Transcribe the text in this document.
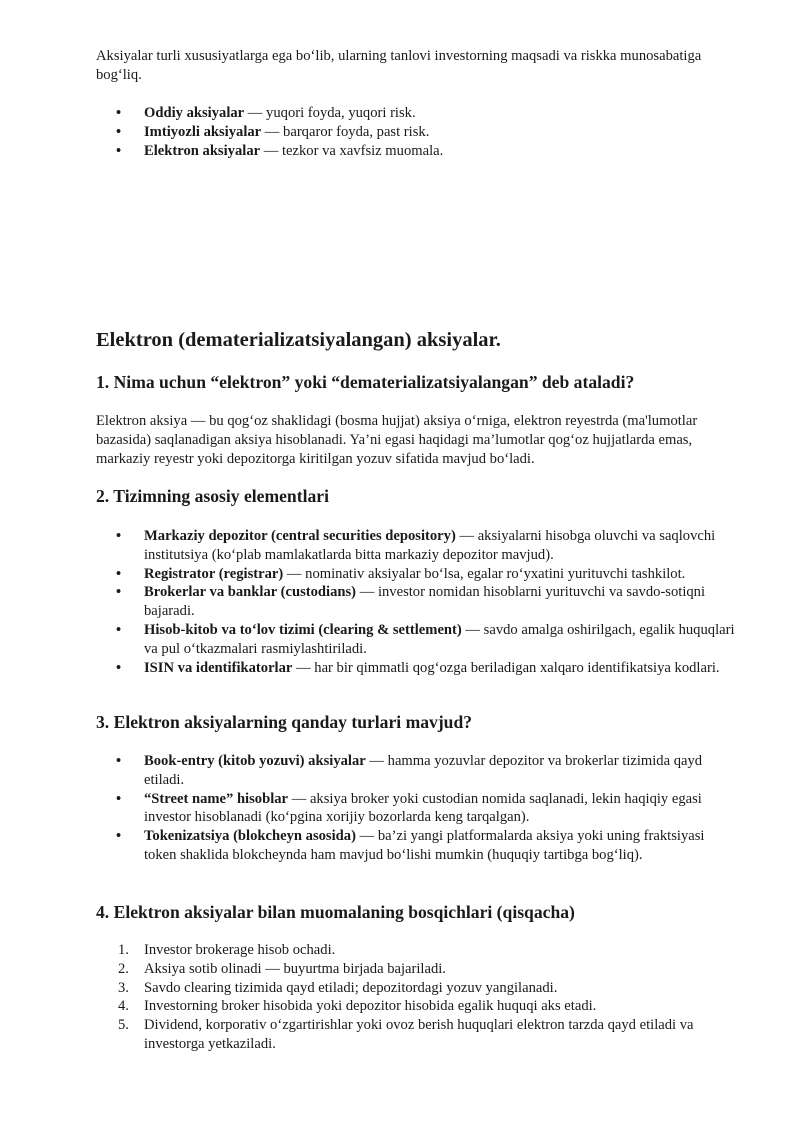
Aksiyalar turli xususiyatlarga ega bo‘lib, ularning tanlovi investorning maqsadi va riskka munosabatiga bog‘liq.

• Oddiy aksiyalar — yuqori foyda, yuqori risk.
• Imtiyozli aksiyalar — barqaror foyda, past risk.
• Elektron aksiyalar — tezkor va xavfsiz muomala.
Elektron (dematerializatsiyalangan) aksiyalar.
1. Nima uchun “elektron” yoki “dematerializatsiyalangan” deb ataladi?

Elektron aksiya — bu qog‘oz shaklidagi (bosma hujjat) aksiya o‘rniga, elektron reyestrda (ma'lumotlar bazasida) saqlanadigan aksiya hisoblanadi. Ya’ni egasi haqidagi ma’lumotlar qog‘oz hujjatlarda emas, markaziy reyestr yoki depozitorga kiritilgan yozuv sifatida mavjud bo‘ladi.

2. Tizimning asosiy elementlari
• Markaziy depozitor (central securities depository) — aksiyalarni hisobga oluvchi va saqlovchi institutsiya (ko‘plab mamlakatlarda bitta markaziy depozitor mavjud).
• Registrator (registrar) — nominativ aksiyalar bo‘lsa, egalar ro‘yxatini yurituvchi tashkilot.
• Brokerlar va banklar (custodians) — investor nomidan hisoblarni yurituvchi va savdo-sotiqni bajaradi.
• Hisob-kitob va to‘lov tizimi (clearing & settlement) — savdo amalga oshirilgach, egalik huquqlari va pul o‘tkazmalari rasmiylashtiriladi.
• ISIN va identifikatorlar — har bir qimmatli qog‘ozga beriladigan xalqaro identifikatsiya kodlari.
3. Elektron aksiyalarning qanday turlari mavjud?
• Book-entry (kitob yozuvi) aksiyalar — hamma yozuvlar depozitor va brokerlar tizimida qayd etiladi.
• “Street name” hisoblar — aksiya broker yoki custodian nomida saqlanadi, lekin haqiqiy egasi investor hisoblanadi (ko‘pgina xorijiy bozorlarda keng tarqalgan).
• Tokenizatsiya (blokcheyn asosida) — ba’zi yangi platformalarda aksiya yoki uning fraktsiyasi token shaklida blokcheynda ham mavjud bo‘lishi mumkin (huquqiy tartibga bog‘liq).
4. Elektron aksiyalar bilan muomalaning bosqichlari (qisqacha)
1. Investor brokerage hisob ochadi.
2. Aksiya sotib olinadi — buyurtma birjada bajariladi.
3. Savdo clearing tizimida qayd etiladi; depozitordagi yozuv yangilanadi.
4. Investorning broker hisobida yoki depozitor hisobida egalik huquqi aks etadi.
5. Dividend, korporativ o‘zgartirishlar yoki ovoz berish huquqlari elektron tarzda qayd etiladi va investorga yetkaziladi.
